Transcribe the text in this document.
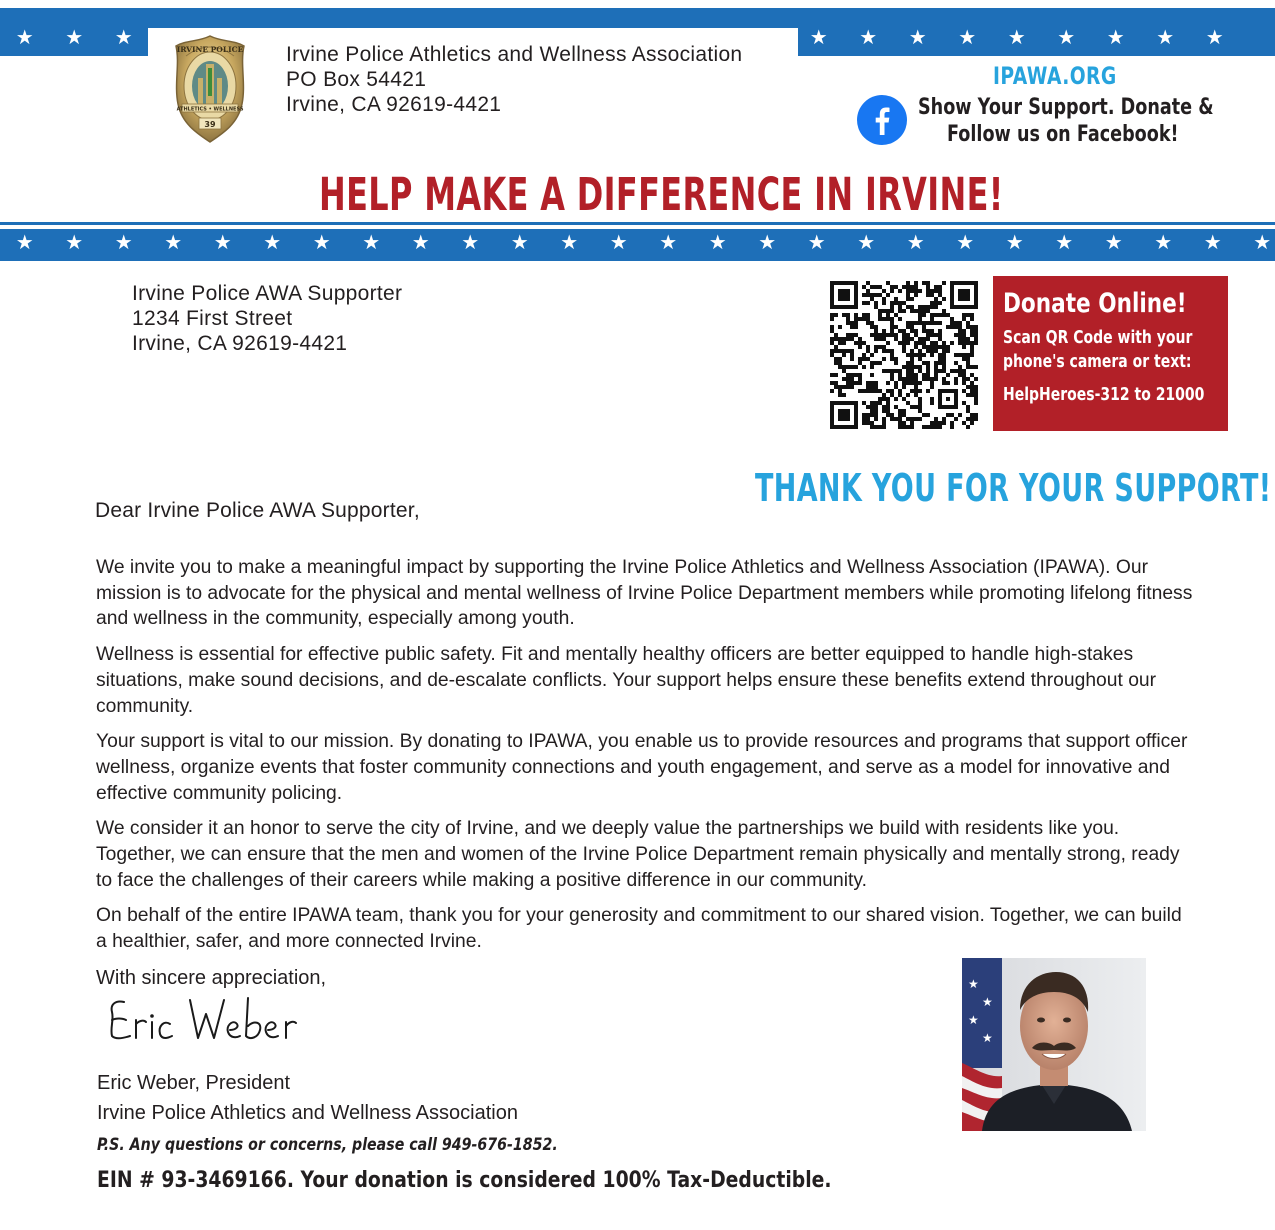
★ ★ ★	★ ★ ★ ★ ★ ★ ★ ★ ★
IRVINE POLICE
ATHLETICS • WELLNESS
39
Irvine Police Athletics and Wellness Association
PO Box 54421
Irvine, CA 92619-4421
IPAWA.ORG
Show Your Support. Donate &
Follow us on Facebook!
HELP MAKE A DIFFERENCE IN IRVINE!
★ ★ ★ ★ ★ ★ ★ ★ ★ ★ ★ ★ ★ ★ ★ ★ ★ ★ ★ ★ ★ ★ ★ ★ ★ ★
Irvine Police AWA Supporter
1234 First Street
Irvine, CA 92619-4421
Donate Online!
Scan QR Code with your
phone's camera or text:
HelpHeroes-312 to 21000
THANK YOU FOR YOUR SUPPORT!
Dear Irvine Police AWA Supporter,

We invite you to make a meaningful impact by supporting the Irvine Police Athletics and Wellness Association (IPAWA). Our mission is to advocate for the physical and mental wellness of Irvine Police Department members while promoting lifelong fitness and wellness in the community, especially among youth.

Wellness is essential for effective public safety. Fit and mentally healthy officers are better equipped to handle high-stakes situations, make sound decisions, and de-escalate conflicts. Your support helps ensure these benefits extend throughout our community.

Your support is vital to our mission. By donating to IPAWA, you enable us to provide resources and programs that support officer wellness, organize events that foster community connections and youth engagement, and serve as a model for innovative and effective community policing.

We consider it an honor to serve the city of Irvine, and we deeply value the partnerships we build with residents like you. Together, we can ensure that the men and women of the Irvine Police Department remain physically and mentally strong, ready to face the challenges of their careers while making a positive difference in our community.

On behalf of the entire IPAWA team, thank you for your generosity and commitment to our shared vision. Together, we can build a healthier, safer, and more connected Irvine.

With sincere appreciation,
Eric Weber, President
Irvine Police Athletics and Wellness Association
P.S. Any questions or concerns, please call 949-676-1852.
EIN # 93-3469166. Your donation is considered 100% Tax-Deductible.
★
★
★
★
